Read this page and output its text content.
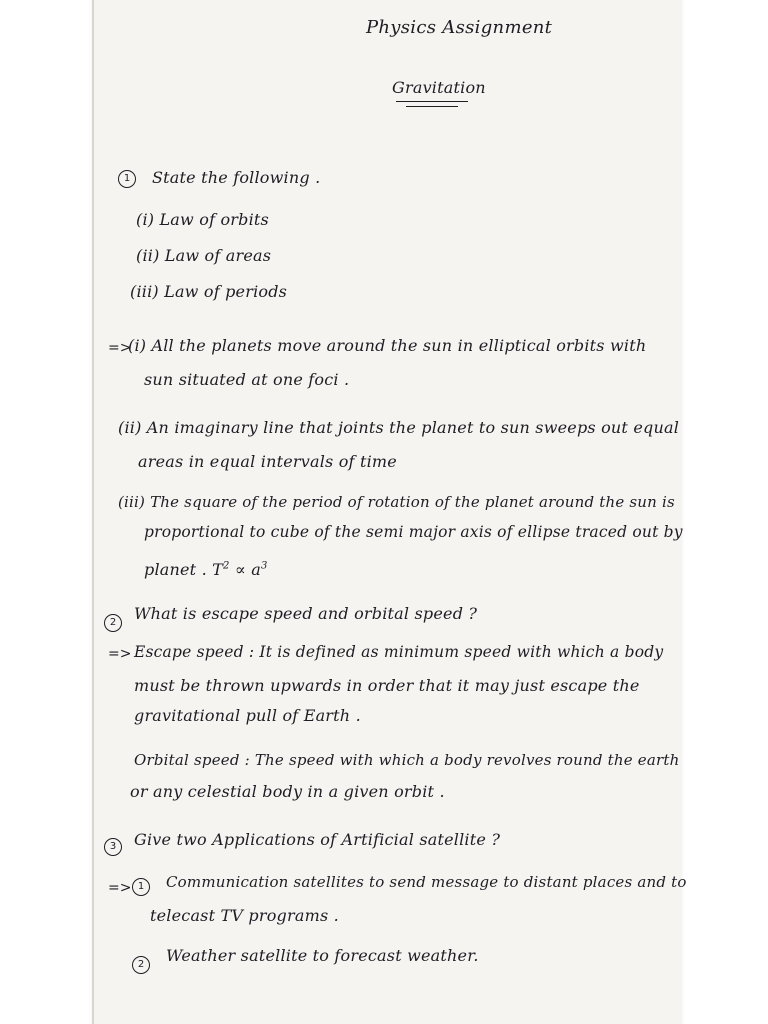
Physics Assignment
Gravitation
1	State the following .
(i) Law of orbits
(ii) Law of areas
(iii) Law of periods
=>
(i) All the planets move around the sun in elliptical orbits with
sun situated at one foci .
(ii) An imaginary line that joints the planet to sun sweeps out equal
areas in equal intervals of time
(iii) The square of the period of rotation of the planet around the sun is
proportional to cube of the semi major axis of ellipse traced out by
planet . $T^2 \propto a^3$
2	What is escape speed and orbital speed ?
=> Escape speed : It is defined as minimum speed with which a body
must be thrown upwards in order that it may just escape the
gravitational pull of Earth .
Orbital speed : The speed with which a body revolves round the earth
or any celestial body in a given orbit .
3	Give two Applications of Artificial satellite ?
=> 1	Communication satellites to send message to distant places and to
telecast TV programs .
2	Weather satellite to forecast weather.
